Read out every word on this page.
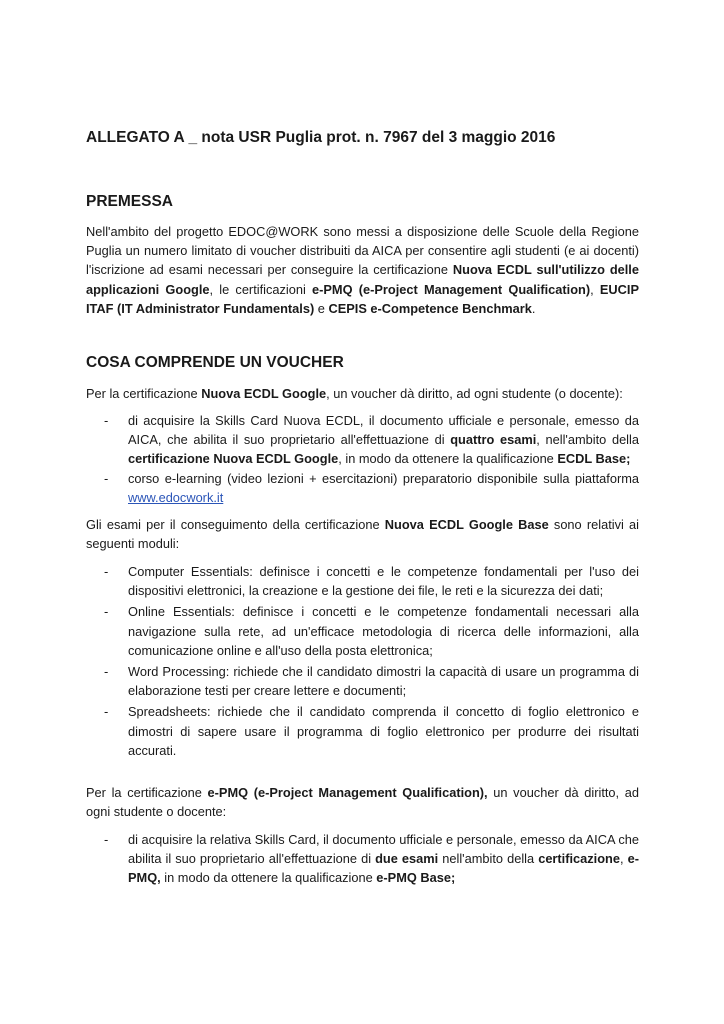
ALLEGATO A _ nota USR Puglia prot. n. 7967 del 3 maggio 2016
PREMESSA

Nell'ambito del progetto EDOC@WORK sono messi a disposizione delle Scuole della Regione Puglia un numero limitato di voucher distribuiti da AICA per consentire agli studenti (e ai docenti) l'iscrizione ad esami necessari per conseguire la certificazione Nuova ECDL sull'utilizzo delle applicazioni Google, le certificazioni e-PMQ (e-Project Management Qualification), EUCIP ITAF (IT Administrator Fundamentals) e CEPIS e-Competence Benchmark.

COSA COMPRENDE UN VOUCHER

Per la certificazione Nuova ECDL Google, un voucher dà diritto, ad ogni studente (o docente):

- di acquisire la Skills Card Nuova ECDL, il documento ufficiale e personale, emesso da AICA, che abilita il suo proprietario all'effettuazione di quattro esami, nell'ambito della certificazione Nuova ECDL Google, in modo da ottenere la qualificazione ECDL Base;
- corso e-learning (video lezioni + esercitazioni) preparatorio disponibile sulla piattaforma www.edocwork.it

Gli esami per il conseguimento della certificazione Nuova ECDL Google Base sono relativi ai seguenti moduli:

- Computer Essentials: definisce i concetti e le competenze fondamentali per l'uso dei dispositivi elettronici, la creazione e la gestione dei file, le reti e la sicurezza dei dati;
- Online Essentials: definisce i concetti e le competenze fondamentali necessari alla navigazione sulla rete, ad un'efficace metodologia di ricerca delle informazioni, alla comunicazione online e all'uso della posta elettronica;
- Word Processing: richiede che il candidato dimostri la capacità di usare un programma di elaborazione testi per creare lettere e documenti;
- Spreadsheets: richiede che il candidato comprenda il concetto di foglio elettronico e dimostri di sapere usare il programma di foglio elettronico per produrre dei risultati accurati.

Per la certificazione e-PMQ (e-Project Management Qualification), un voucher dà diritto, ad ogni studente o docente:

- di acquisire la relativa Skills Card, il documento ufficiale e personale, emesso da AICA che abilita il suo proprietario all'effettuazione di due esami nell'ambito della certificazione, e-PMQ, in modo da ottenere la qualificazione e-PMQ Base;
